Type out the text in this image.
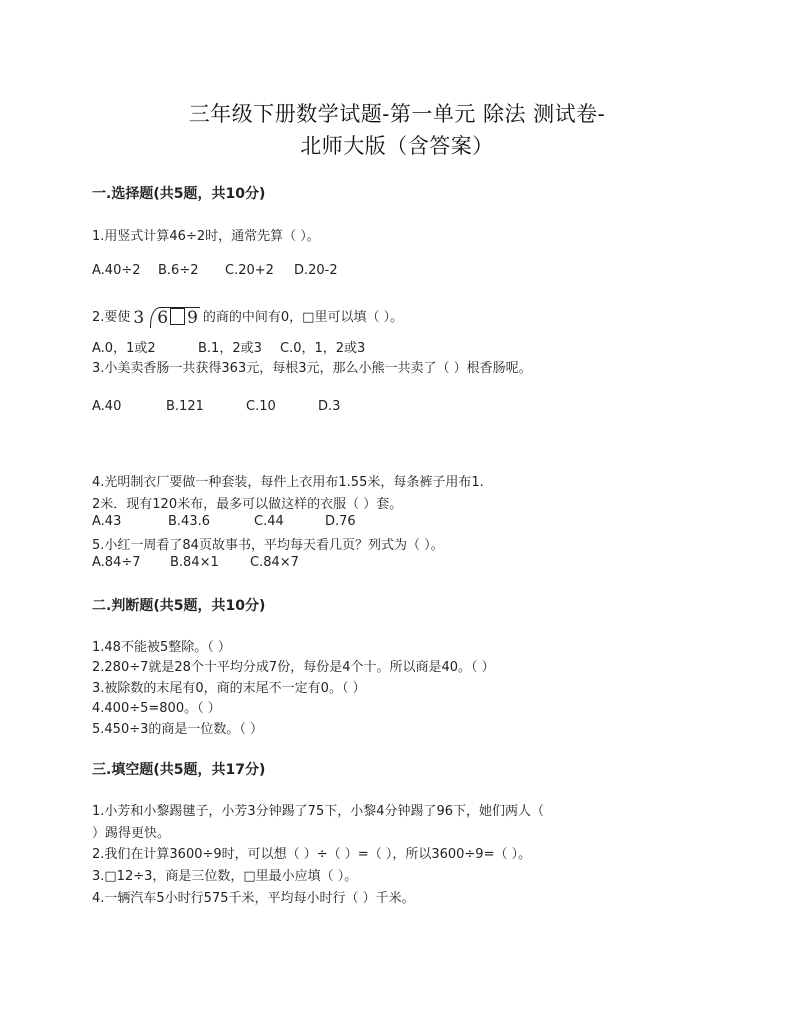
三年级下册数学试题-第一单元 除法 测试卷-
北师大版（含答案）
一.选择题(共5题，共10分)
1.用竖式计算46÷2时，通常先算（ ）。
A.40÷2 B.6÷2 C.20+2 D.20-2
2.要使 3 6 9 的商的中间有0，□里可以填（ ）。
A.0，1或2	B.1，2或3 C.0，1，2或3
3.小美卖香肠一共获得363元，每根3元，那么小熊一共卖了（ ）根香肠呢。
A.40	B.121	C.10	D.3
4.光明制衣厂要做一种套装，每件上衣用布1.55米，每条裤子用布1.
2米．现有120米布，最多可以做这样的衣服（ ）套。
A.43	B.43.6	C.44	D.76
5.小红一周看了84页故事书，平均每天看几页？列式为（ ）。
A.84÷7 B.84×1 C.84×7
二.判断题(共5题，共10分)
1.48不能被5整除。（ ）
2.280÷7就是28个十平均分成7份，每份是4个十。所以商是40。（ ）
3.被除数的末尾有0，商的末尾不一定有0。（ ）
4.400÷5=800。（ ）
5.450÷3的商是一位数。（ ）
三.填空题(共5题，共17分)
1.小芳和小黎踢毽子，小芳3分钟踢了75下，小黎4分钟踢了96下，她们两人（
）踢得更快。
2.我们在计算3600÷9时，可以想（ ）÷（ ）=（ ），所以3600÷9=（ ）。
3.□12÷3，商是三位数，□里最小应填（ ）。
4.一辆汽车5小时行575千米，平均每小时行（ ）千米。
